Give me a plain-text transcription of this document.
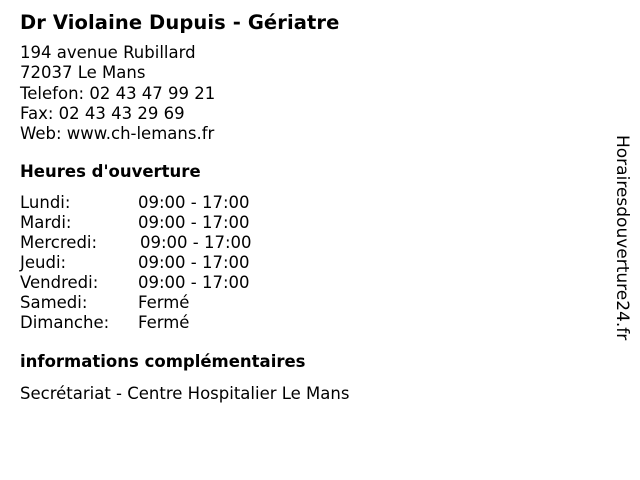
Dr Violaine Dupuis - Gériatre
194 avenue Rubillard
72037 Le Mans
Telefon: 02 43 47 99 21
Fax: 02 43 43 29 69
Web: www.ch-lemans.fr
Heures d'ouverture
Lundi:	09:00 - 17:00
Mardi:	09:00 - 17:00
Mercredi:	09:00 - 17:00
Jeudi:	09:00 - 17:00
Vendredi:	09:00 - 17:00
Samedi:	Fermé
Dimanche:	Fermé
informations complémentaires
Secrétariat - Centre Hospitalier Le Mans
Horairesdouverture24.fr
